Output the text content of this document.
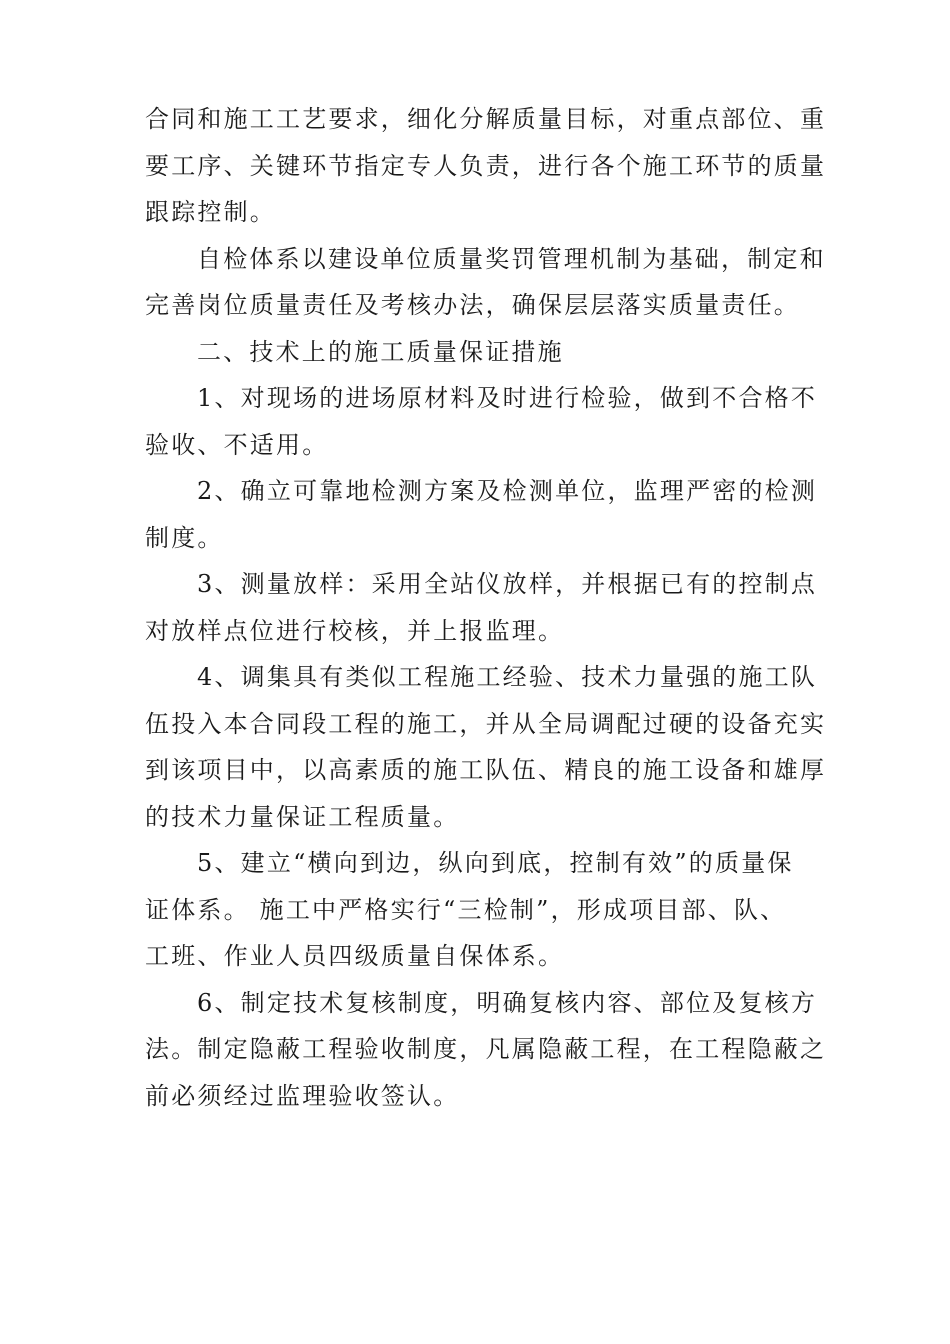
合同和施工工艺要求，细化分解质量目标，对重点部位、重
要工序、关键环节指定专人负责，进行各个施工环节的质量
跟踪控制。

自检体系以建设单位质量奖罚管理机制为基础，制定和
完善岗位质量责任及考核办法，确保层层落实质量责任。

二、技术上的施工质量保证措施

1、对现场的进场原材料及时进行检验，做到不合格不
验收、不适用。

2、确立可靠地检测方案及检测单位，监理严密的检测
制度。

3、测量放样：采用全站仪放样，并根据已有的控制点
对放样点位进行校核，并上报监理。

4、调集具有类似工程施工经验、技术力量强的施工队
伍投入本合同段工程的施工，并从全局调配过硬的设备充实
到该项目中，以高素质的施工队伍、精良的施工设备和雄厚
的技术力量保证工程质量。

5、建立“横向到边，纵向到底，控制有效”的质量保
证体系。 施工中严格实行“三检制”，形成项目部、队、
工班、作业人员四级质量自保体系。

6、制定技术复核制度，明确复核内容、部位及复核方
法。制定隐蔽工程验收制度，凡属隐蔽工程，在工程隐蔽之
前必须经过监理验收签认。
